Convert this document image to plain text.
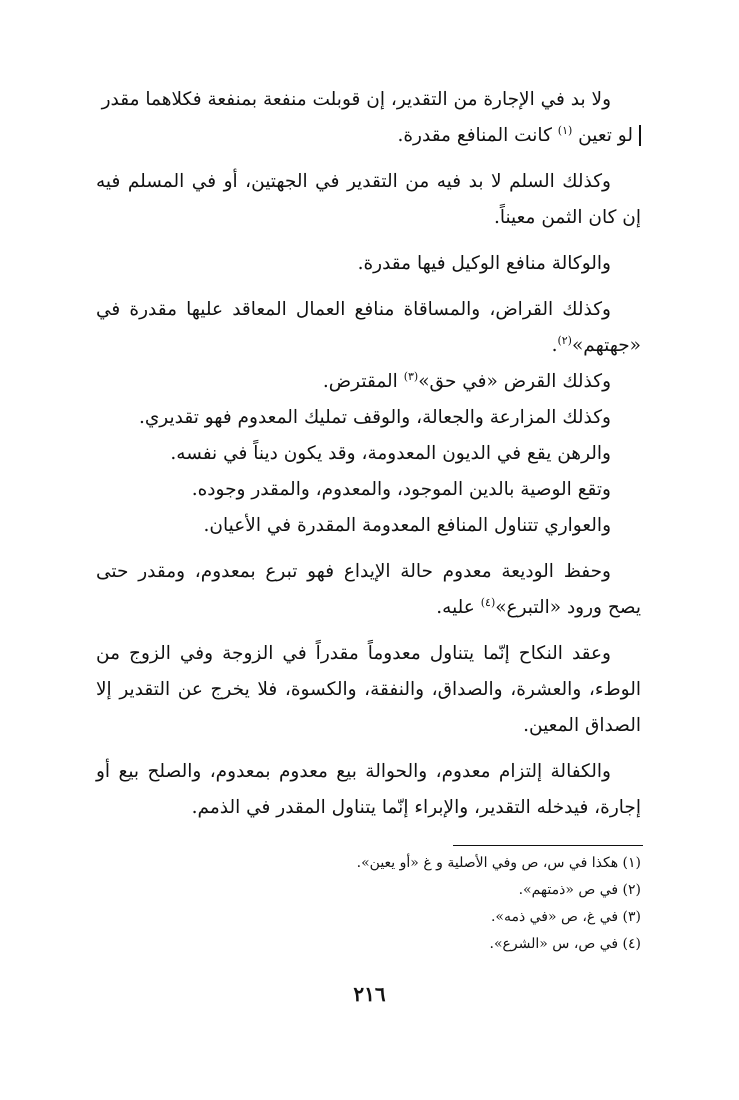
ولا بد في الإجارة من التقدير، إن قوبلت منفعة بمنفعة فكلاهما مقدر

لو تعين $^{(١)}$ كانت المنافع مقدرة.

وكذلك السلم لا بد فيه من التقدير في الجهتين، أو في المسلم فيه إن كان الثمن معيناً.

والوكالة منافع الوكيل فيها مقدرة.

وكذلك القراض، والمساقاة منافع العمال المعاقد عليها مقدرة في «جهتهم»$^{(٢)}$.

وكذلك القرض «في حق»$^{(٣)}$ المقترض.

وكذلك المزارعة والجعالة، والوقف تمليك المعدوم فهو تقديري.

والرهن يقع في الديون المعدومة، وقد يكون ديناً في نفسه.

وتقع الوصية بالدين الموجود، والمعدوم، والمقدر وجوده.

والعواري تتناول المنافع المعدومة المقدرة في الأعيان.

وحفظ الوديعة معدوم حالة الإيداع فهو تبرع بمعدوم، ومقدر حتى يصح ورود «التبرع»$^{(٤)}$ عليه.

وعقد النكاح إنّما يتناول معدوماً مقدراً في الزوجة وفي الزوج من الوطء، والعشرة، والصداق، والنفقة، والكسوة، فلا يخرج عن التقدير إلا الصداق المعين.

والكفالة إلتزام معدوم، والحوالة بيع معدوم بمعدوم، والصلح بيع أو إجارة، فيدخله التقدير، والإبراء إنّما يتناول المقدر في الذمم.

(١) هكذا في س، ص وفي الأصلية و غ «أو يعين».

(٢) في ص «ذمتهم».

(٣) في غ، ص «في ذمه».

(٤) في ص، س «الشرع».

٢١٦
